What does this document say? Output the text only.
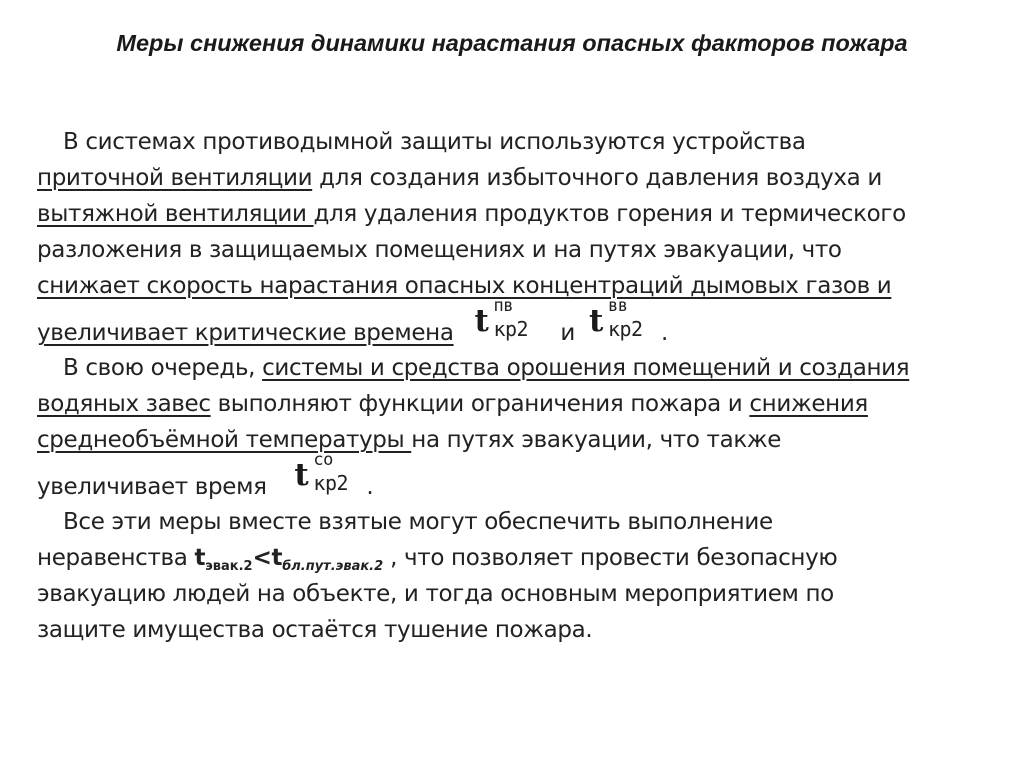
Меры снижения динамики нарастания опасных факторов пожара
В системах противодымной защиты используются устройства
приточной вентиляции для создания избыточного давления воздуха и
вытяжной вентиляции для удаления продуктов горения и термического
разложения в защищаемых помещениях и на путях эвакуации, что
снижает скорость нарастания опасных концентраций дымовых газов и
увеличивает критические времена t пв
кр2 и t вв
кр2 .
В свою очередь, системы и средства орошения помещений и создания
водяных завес выполняют функции ограничения пожара и снижения
среднеобъёмной температуры на путях эвакуации, что также
увеличивает время t со
кр2 .
Все эти меры вместе взятые могут обеспечить выполнение
неравенства $t_{эвак.2}<t_{бл.пут.эвак.2}$ , что позволяет провести безопасную
эвакуацию людей на объекте, и тогда основным мероприятием по
защите имущества остаётся тушение пожара.
